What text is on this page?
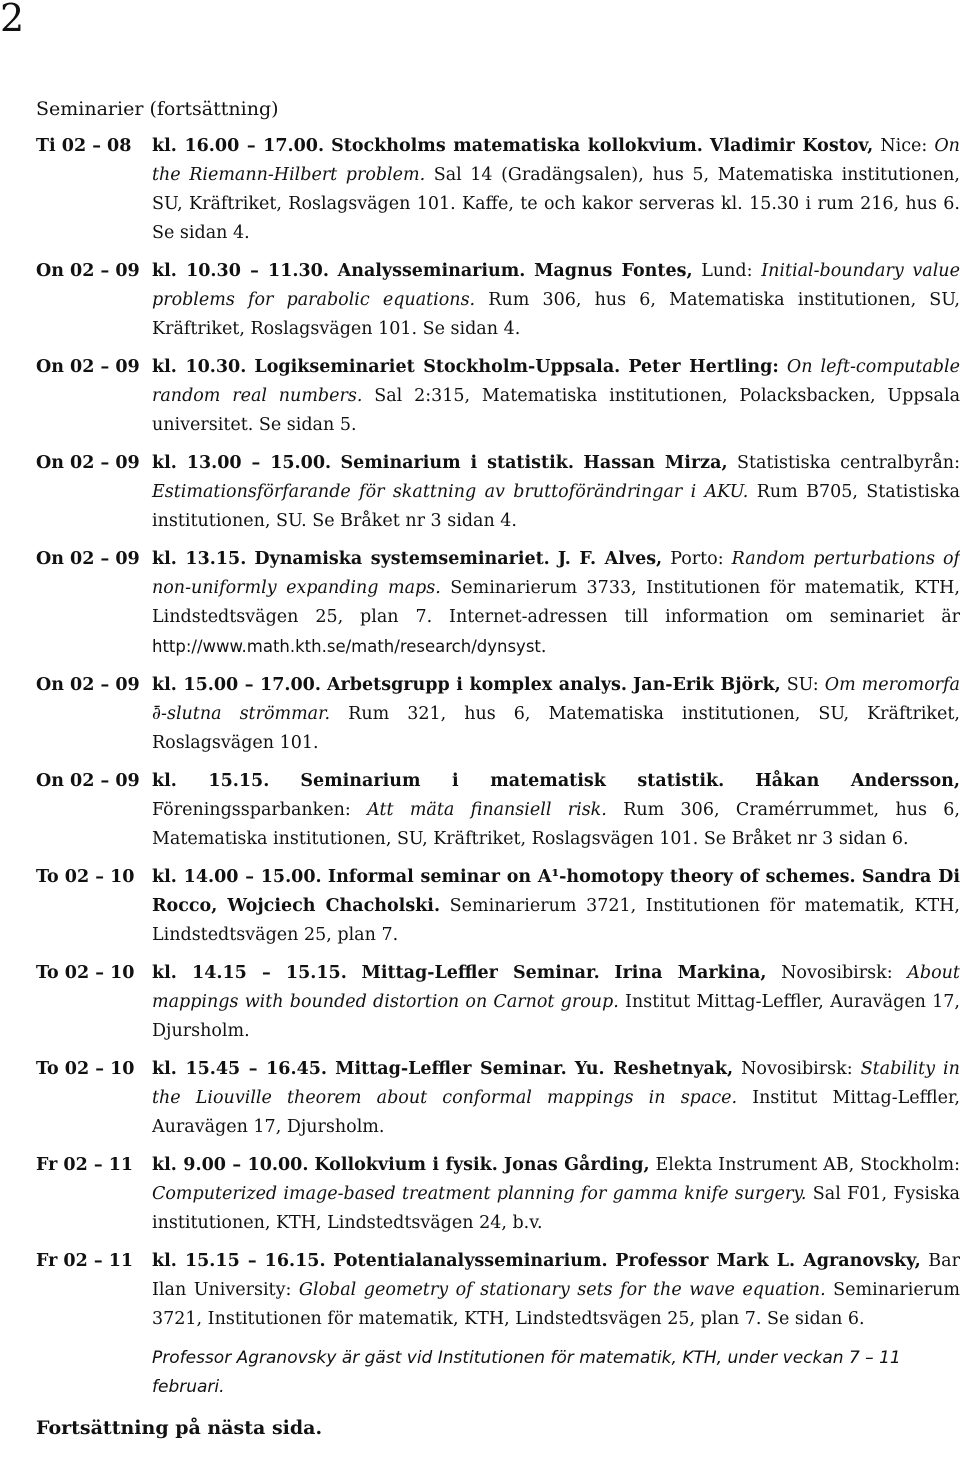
2
Seminarier (fortsättning)
Ti 02 – 08 kl. 16.00 – 17.00. Stockholms matematiska kollokvium. Vladimir Kostov, Nice: On the Riemann-Hilbert problem. Sal 14 (Gradängsalen), hus 5, Matematiska institutionen, SU, Kräftriket, Roslagsvägen 101. Kaffe, te och kakor serveras kl. 15.30 i rum 216, hus 6. Se sidan 4.
On 02 – 09 kl. 10.30 – 11.30. Analysseminarium. Magnus Fontes, Lund: Initial-boundary value problems for parabolic equations. Rum 306, hus 6, Matematiska institutionen, SU, Kräftriket, Roslagsvägen 101. Se sidan 4.
On 02 – 09 kl. 10.30. Logikseminariet Stockholm-Uppsala. Peter Hertling: On left-computable random real numbers. Sal 2:315, Matematiska institutionen, Polacksbacken, Uppsala universitet. Se sidan 5.
On 02 – 09 kl. 13.00 – 15.00. Seminarium i statistik. Hassan Mirza, Statistiska centralbyrån: Estimationsförfarande för skattning av bruttoförändringar i AKU. Rum B705, Statistiska institutionen, SU. Se Bråket nr 3 sidan 4.
On 02 – 09 kl. 13.15. Dynamiska systemseminariet. J. F. Alves, Porto: Random perturbations of non-uniformly expanding maps. Seminarierum 3733, Institutionen för matematik, KTH, Lindstedtsvägen 25, plan 7. Internet-adressen till information om seminariet är http://www.math.kth.se/math/research/dynsyst.
On 02 – 09 kl. 15.00 – 17.00. Arbetsgrupp i komplex analys. Jan-Erik Björk, SU: Om meromorfa ∂̄-slutna strömmar. Rum 321, hus 6, Matematiska institutionen, SU, Kräftriket, Roslagsvägen 101.
On 02 – 09 kl. 15.15. Seminarium i matematisk statistik. Håkan Andersson, Föreningssparbanken: Att mäta finansiell risk. Rum 306, Cramérrummet, hus 6, Matematiska institutionen, SU, Kräftriket, Roslagsvägen 101. Se Bråket nr 3 sidan 6.
To 02 – 10 kl. 14.00 – 15.00. Informal seminar on A¹-homotopy theory of schemes. Sandra Di Rocco, Wojciech Chacholski. Seminarierum 3721, Institutionen för matematik, KTH, Lindstedtsvägen 25, plan 7.
To 02 – 10 kl. 14.15 – 15.15. Mittag-Leffler Seminar. Irina Markina, Novosibirsk: About mappings with bounded distortion on Carnot group. Institut Mittag-Leffler, Auravägen 17, Djursholm.
To 02 – 10 kl. 15.45 – 16.45. Mittag-Leffler Seminar. Yu. Reshetnyak, Novosibirsk: Stability in the Liouville theorem about conformal mappings in space. Institut Mittag-Leffler, Auravägen 17, Djursholm.
Fr 02 – 11 kl. 9.00 – 10.00. Kollokvium i fysik. Jonas Gårding, Elekta Instrument AB, Stockholm: Computerized image-based treatment planning for gamma knife surgery. Sal F01, Fysiska institutionen, KTH, Lindstedtsvägen 24, b.v.
Fr 02 – 11 kl. 15.15 – 16.15. Potentialanalysseminarium. Professor Mark L. Agranovsky, Bar Ilan University: Global geometry of stationary sets for the wave equation. Seminarierum 3721, Institutionen för matematik, KTH, Lindstedtsvägen 25, plan 7. Se sidan 6.
Professor Agranovsky är gäst vid Institutionen för matematik, KTH, under veckan 7 – 11 februari.
Fortsättning på nästa sida.
